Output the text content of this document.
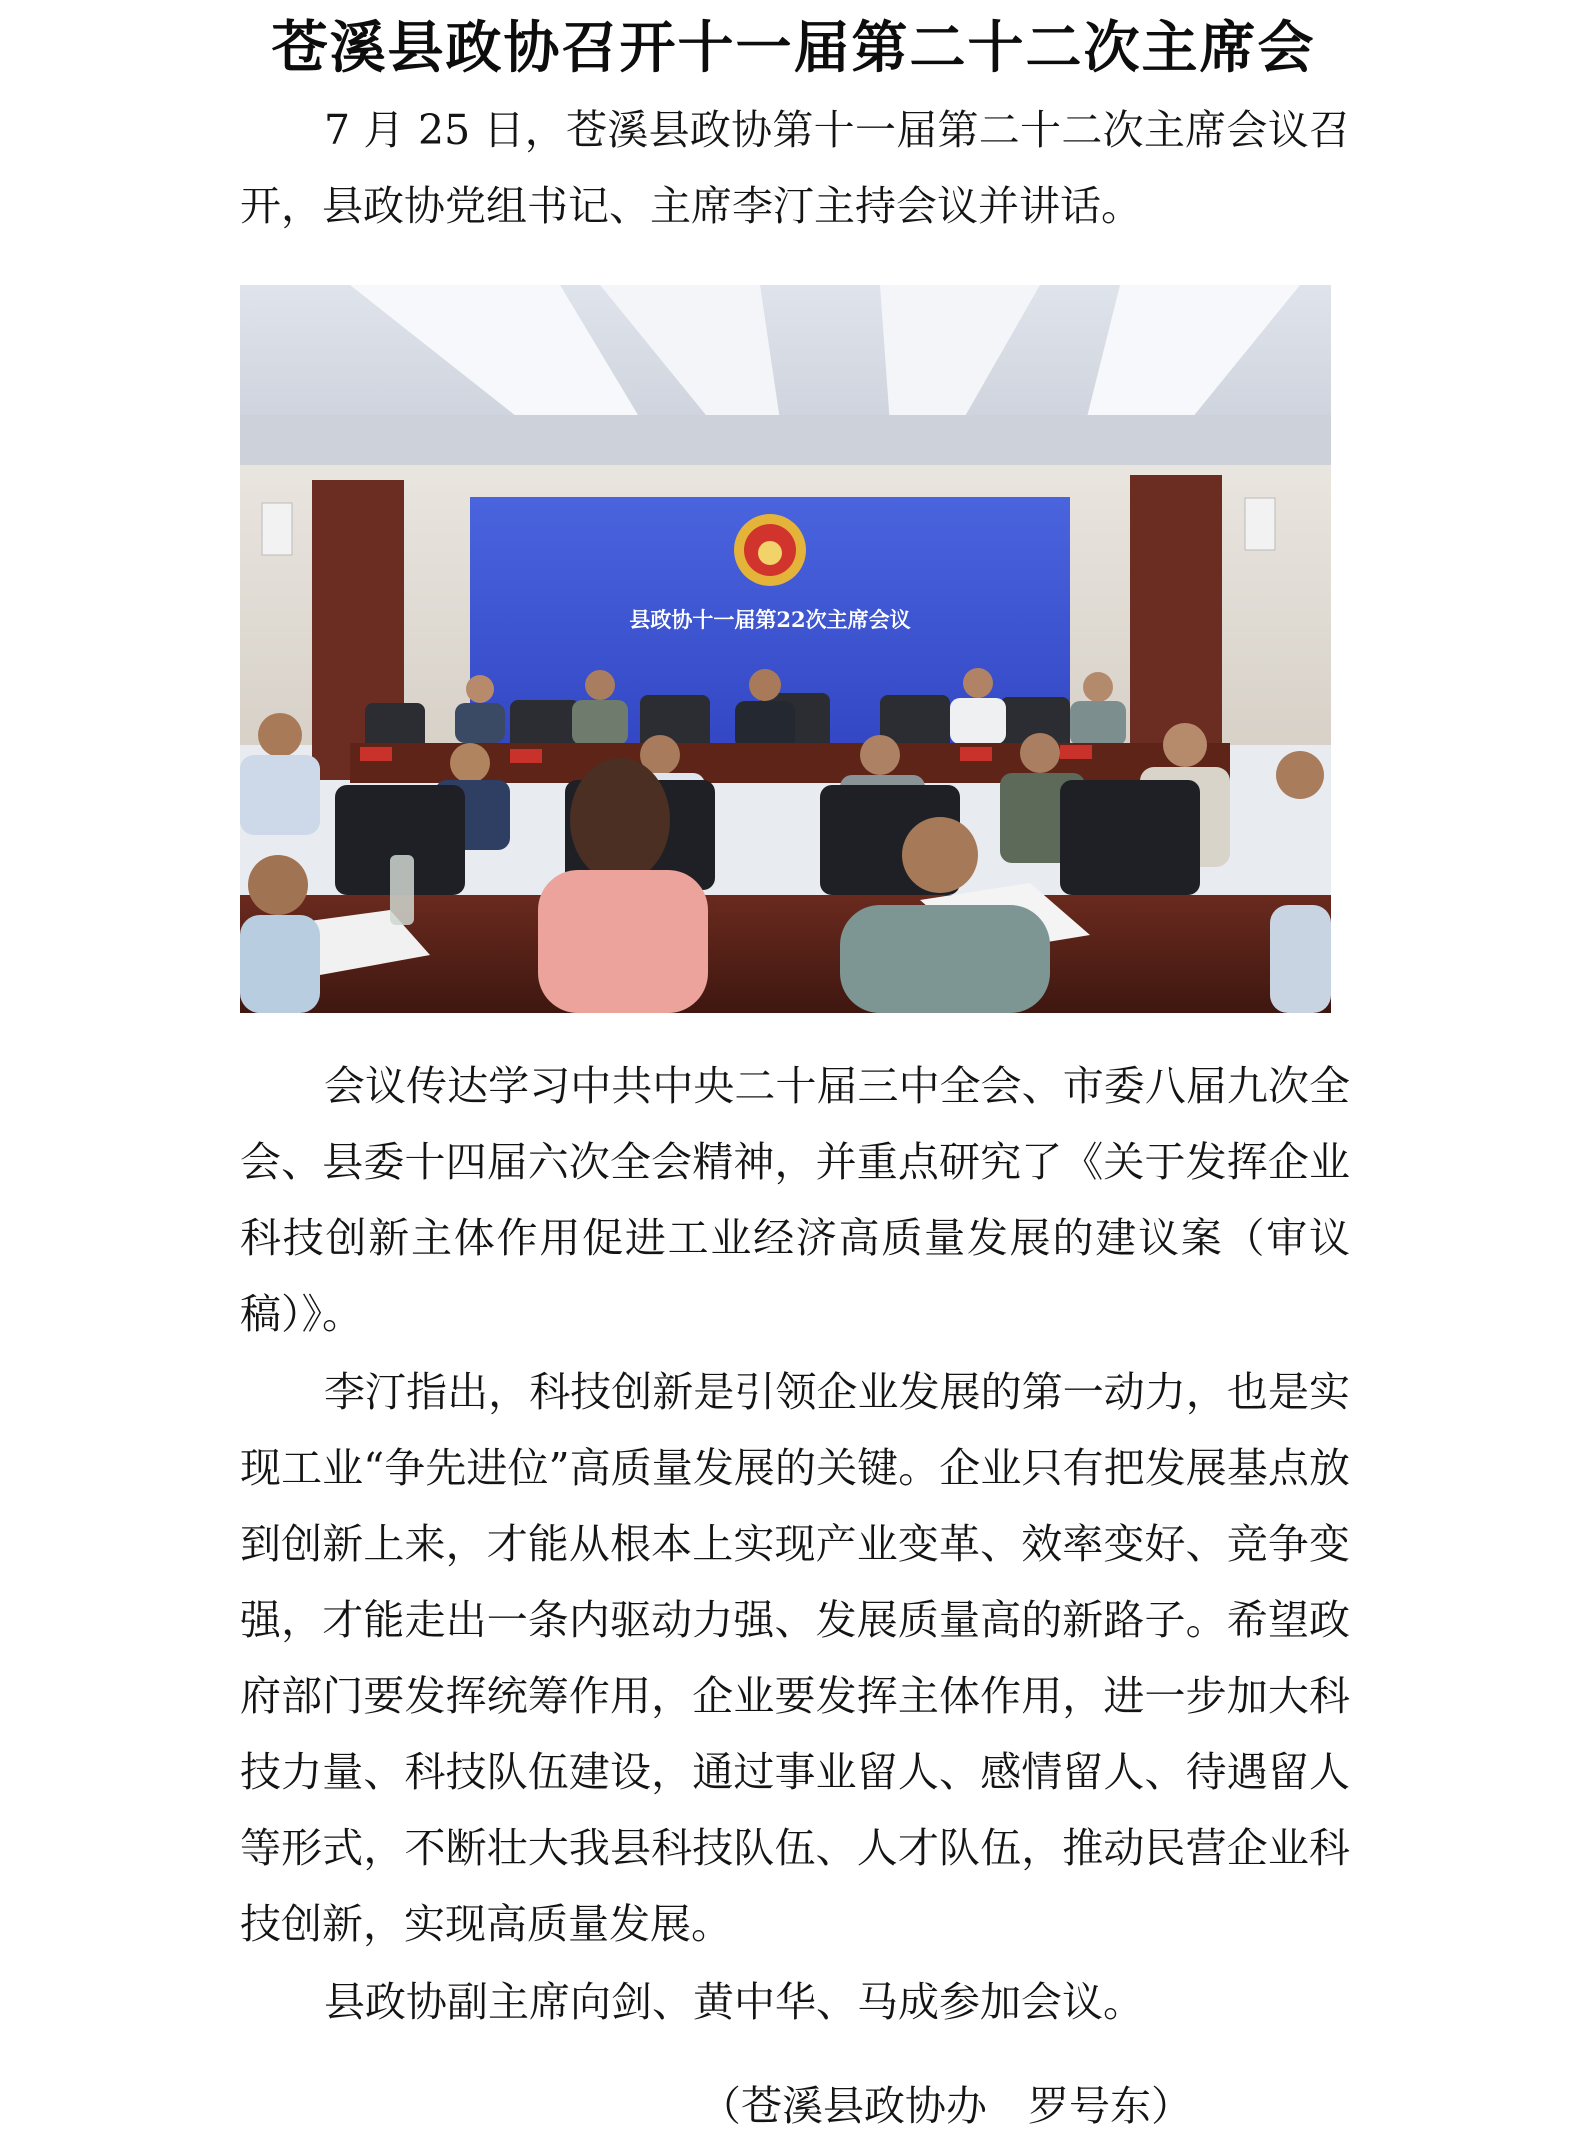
苍溪县政协召开十一届第二十二次主席会

7 月 25 日，苍溪县政协第十一届第二十二次主席会议召开，县政协党组书记、主席李汀主持会议并讲话。

县政协十一届第22次主席会议

会议传达学习中共中央二十届三中全会、市委八届九次全会、县委十四届六次全会精神，并重点研究了《关于发挥企业科技创新主体作用促进工业经济高质量发展的建议案（审议稿）》。

李汀指出，科技创新是引领企业发展的第一动力，也是实现工业“争先进位”高质量发展的关键。企业只有把发展基点放到创新上来，才能从根本上实现产业变革、效率变好、竞争变强，才能走出一条内驱动力强、发展质量高的新路子。希望政府部门要发挥统筹作用，企业要发挥主体作用，进一步加大科技力量、科技队伍建设，通过事业留人、感情留人、待遇留人等形式，不断壮大我县科技队伍、人才队伍，推动民营企业科技创新，实现高质量发展。

县政协副主席向剑、黄中华、马成参加会议。

（苍溪县政协办　罗号东）
